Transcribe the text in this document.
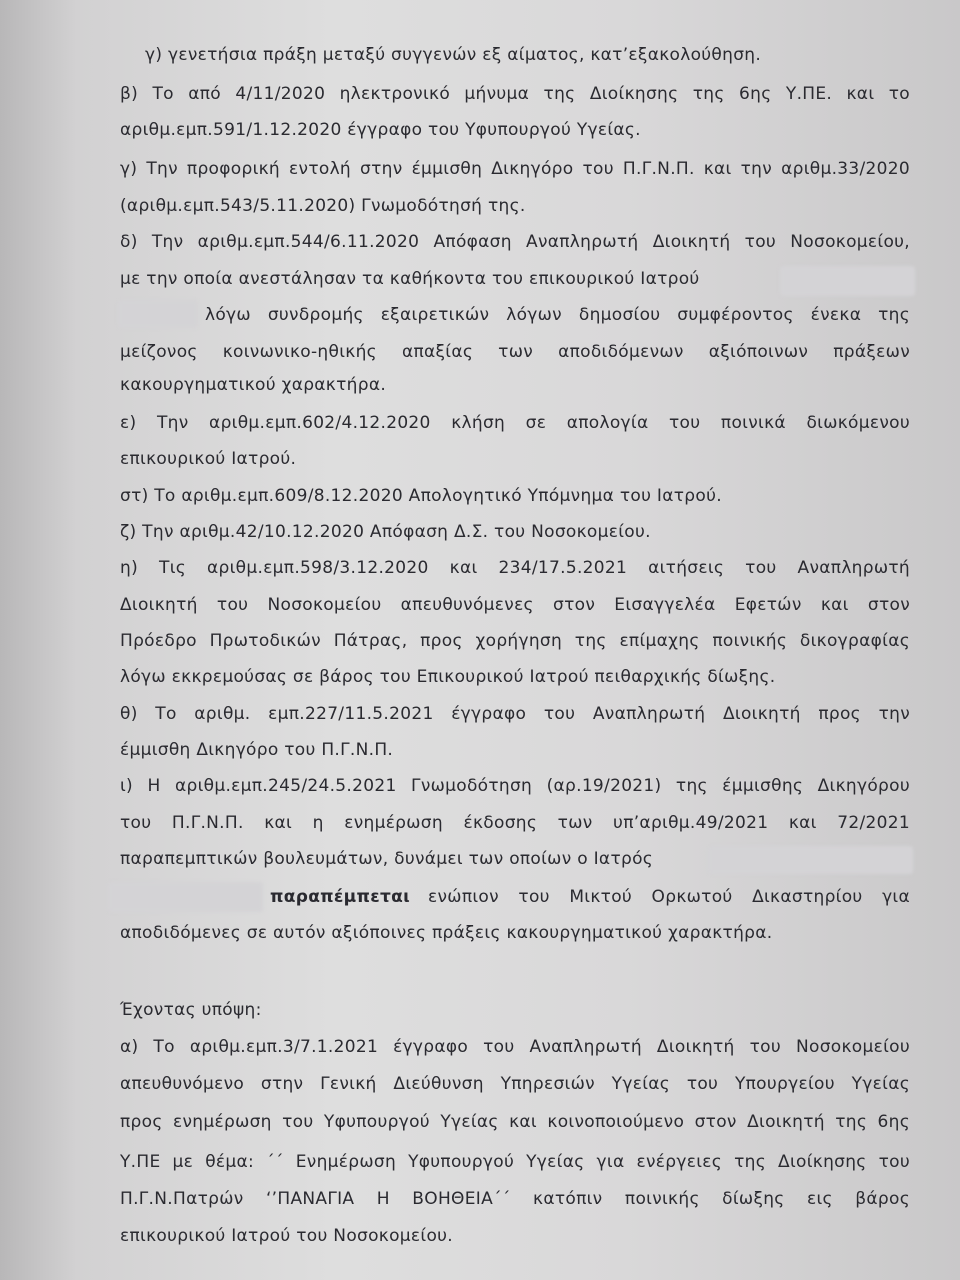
γ) γενετήσια πράξη μεταξύ συγγενών εξ αίματος, κατ’εξακολούθηση.
β) Το από 4/11/2020 ηλεκτρονικό μήνυμα της Διοίκησης της 6ης Υ.ΠΕ. και το
αριθμ.εμπ.591/1.12.2020 έγγραφο του Υφυπουργού Υγείας.
γ) Την προφορική εντολή στην έμμισθη Δικηγόρο του Π.Γ.Ν.Π. και την αριθμ.33/2020
(αριθμ.εμπ.543/5.11.2020) Γνωμοδότησή της.
δ) Την αριθμ.εμπ.544/6.11.2020 Απόφαση Αναπληρωτή Διοικητή του Νοσοκομείου,
με την οποία ανεστάλησαν τα καθήκοντα του επικουρικού Ιατρού
λόγω συνδρομής εξαιρετικών λόγων δημοσίου συμφέροντος ένεκα της
μείζονος κοινωνικο-ηθικής απαξίας των αποδιδόμενων αξιόποινων πράξεων
κακουργηματικού χαρακτήρα.
ε) Την αριθμ.εμπ.602/4.12.2020 κλήση σε απολογία του ποινικά διωκόμενου
επικουρικού Ιατρού.
στ) Το αριθμ.εμπ.609/8.12.2020 Απολογητικό Υπόμνημα του Ιατρού.
ζ) Την αριθμ.42/10.12.2020 Απόφαση Δ.Σ. του Νοσοκομείου.
η) Τις αριθμ.εμπ.598/3.12.2020 και 234/17.5.2021 αιτήσεις του Αναπληρωτή
Διοικητή του Νοσοκομείου απευθυνόμενες στον Εισαγγελέα Εφετών και στον
Πρόεδρο Πρωτοδικών Πάτρας, προς χορήγηση της επίμαχης ποινικής δικογραφίας
λόγω εκκρεμούσας σε βάρος του Επικουρικού Ιατρού πειθαρχικής δίωξης.
θ) Το αριθμ. εμπ.227/11.5.2021 έγγραφο του Αναπληρωτή Διοικητή προς την
έμμισθη Δικηγόρο του Π.Γ.Ν.Π.
ι) Η αριθμ.εμπ.245/24.5.2021 Γνωμοδότηση (αρ.19/2021) της έμμισθης Δικηγόρου
του Π.Γ.Ν.Π. και η ενημέρωση έκδοσης των υπ’αριθμ.49/2021 και 72/2021
παραπεμπτικών βουλευμάτων, δυνάμει των οποίων ο Ιατρός
παραπέμπεται ενώπιον του Μικτού Ορκωτού Δικαστηρίου για
αποδιδόμενες σε αυτόν αξιόποινες πράξεις κακουργηματικού χαρακτήρα.
Έχοντας υπόψη:
α) Το αριθμ.εμπ.3/7.1.2021 έγγραφο του Αναπληρωτή Διοικητή του Νοσοκομείου
απευθυνόμενο στην Γενική Διεύθυνση Υπηρεσιών Υγείας του Υπουργείου Υγείας
προς ενημέρωση του Υφυπουργού Υγείας και κοινοποιούμενο στον Διοικητή της 6ης
Υ.ΠΕ με θέμα: ΄΄ Ενημέρωση Υφυπουργού Υγείας για ενέργειες της Διοίκησης του
Π.Γ.Ν.Πατρών ‘’ΠΑΝΑΓΙΑ Η ΒΟΗΘΕΙΑ΄΄ κατόπιν ποινικής δίωξης εις βάρος
επικουρικού Ιατρού του Νοσοκομείου.
